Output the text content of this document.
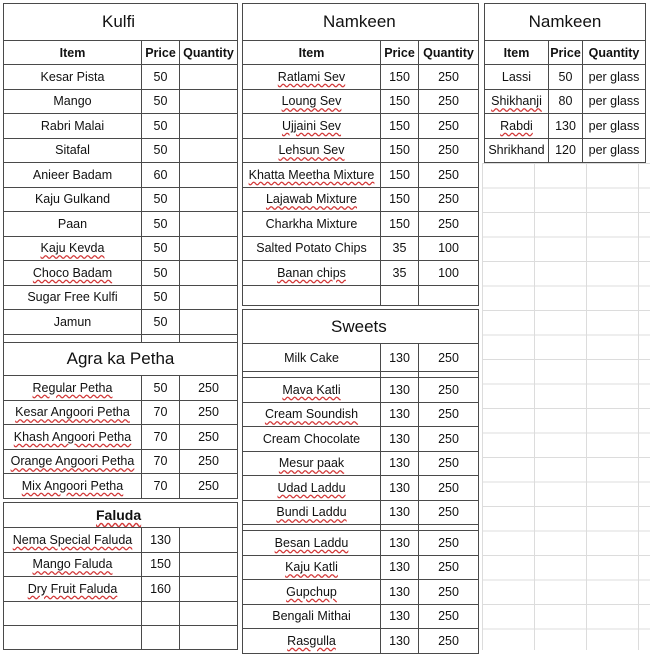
Kulfi		
Item	Price	Quantity
Kesar Pista	50	
Mango	50	
Rabri Malai	50	
Sitafal	50	
Anieer Badam	60	
Kaju Gulkand	50	
Paan	50	
Kaju Kevda	50	
Choco Badam	50	
Sugar Free Kulfi	50	
Jamun	50	

Agra ka Petha		
Regular Petha	50	250
Kesar Angoori Petha	70	250
Khash Angoori Petha	70	250
Orange Angoori Petha	70	250
Mix Angoori Petha	70	250
Faluda		
Nema Special Faluda	130	
Mango Faluda	150	
Dry Fruit Faluda	160	

Namkeen		
Item	Price	Quantity
Ratlami Sev	150	250
Loung Sev	150	250
Ujjaini Sev	150	250
Lehsun Sev	150	250
Khatta Meetha Mixture	150	250
Lajawab Mixture	150	250
Charkha Mixture	150	250
Salted Potato Chips	35	100
Banan chips	35	100

Sweets		
Milk Cake	130	250

Mava Katli	130	250
Cream Soundish	130	250
Cream Chocolate	130	250
Mesur paak	130	250
Udad Laddu	130	250
Bundi Laddu	130	250

Besan Laddu	130	250
Kaju Katli	130	250
Gupchup	130	250
Bengali Mithai	130	250
Rasgulla	130	250
Namkeen		
Item	Price	Quantity
Lassi	50	per glass
Shikhanji	80	per glass
Rabdi	130	per glass
Shrikhand	120	per glass
